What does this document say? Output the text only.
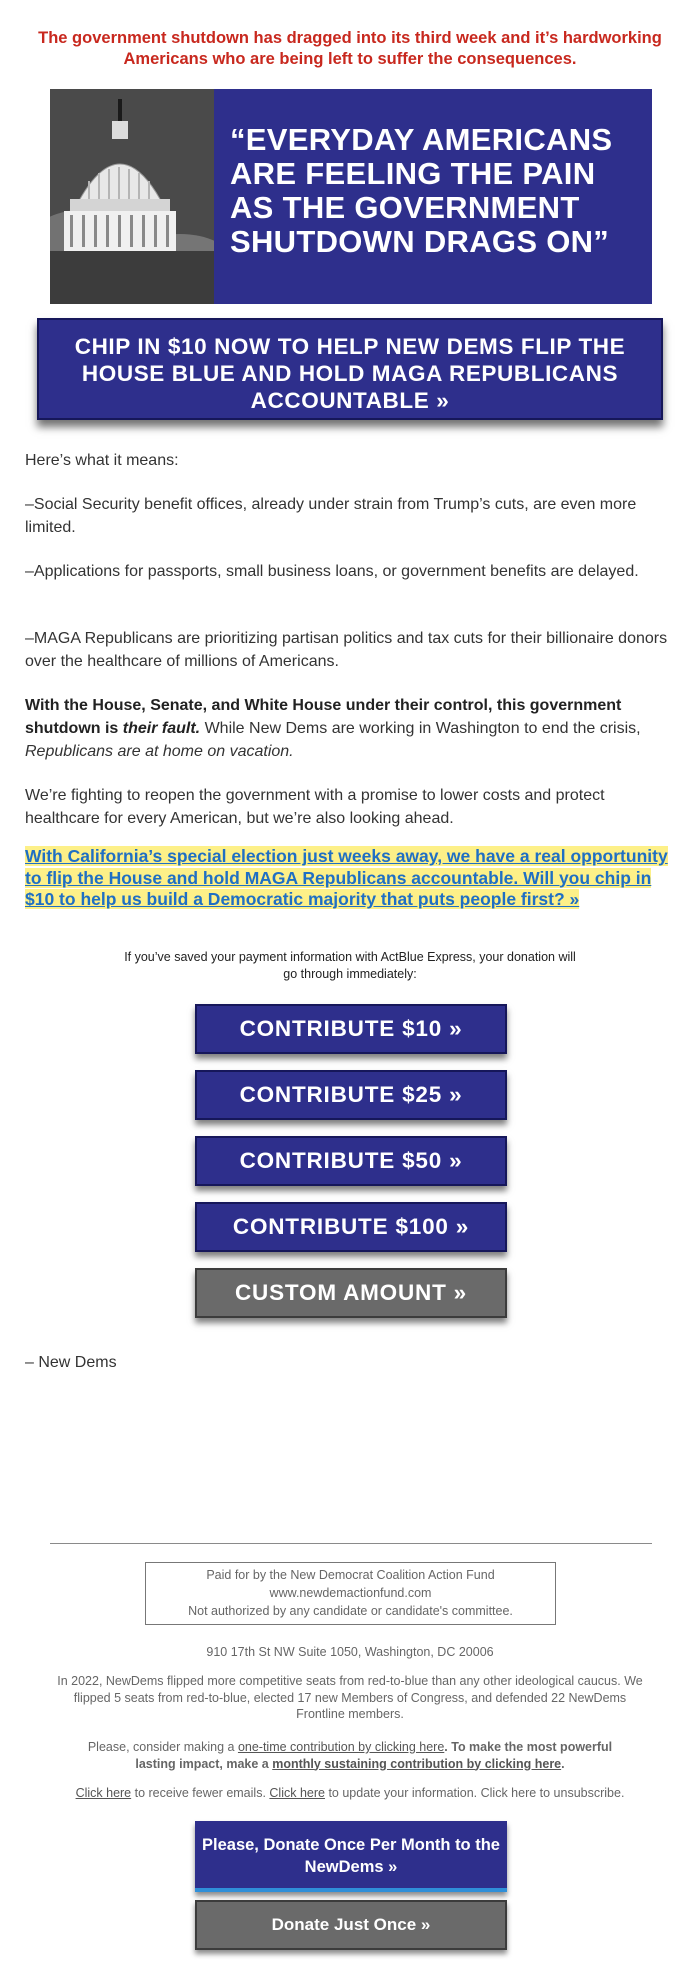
The government shutdown has dragged into its third week and it’s hardworking Americans who are being left to suffer the consequences.
“EVERYDAY AMERICANS ARE FEELING THE PAIN AS THE GOVERNMENT SHUTDOWN DRAGS ON”
CHIP IN $10 NOW TO HELP NEW DEMS FLIP THE HOUSE BLUE AND HOLD MAGA REPUBLICANS ACCOUNTABLE »
Here’s what it means:
–Social Security benefit offices, already under strain from Trump’s cuts, are even more limited.
–Applications for passports, small business loans, or government benefits are delayed.
–MAGA Republicans are prioritizing partisan politics and tax cuts for their billionaire donors over the healthcare of millions of Americans.
With the House, Senate, and White House under their control, this government shutdown is their fault. While New Dems are working in Washington to end the crisis, Republicans are at home on vacation.
We’re fighting to reopen the government with a promise to lower costs and protect healthcare for every American, but we’re also looking ahead.
With California’s special election just weeks away, we have a real opportunity to flip the House and hold MAGA Republicans accountable. Will you chip in $10 to help us build a Democratic majority that puts people first? »
If you’ve saved your payment information with ActBlue Express, your donation will go through immediately:
CONTRIBUTE $10 »
CONTRIBUTE $25 »
CONTRIBUTE $50 »
CONTRIBUTE $100 »
CUSTOM AMOUNT »
– New Dems
Paid for by the New Democrat Coalition Action Fund
www.newdemactionfund.com
Not authorized by any candidate or candidate's committee.
910 17th St NW Suite 1050, Washington, DC 20006
In 2022, NewDems flipped more competitive seats from red-to-blue than any other ideological caucus. We flipped 5 seats from red-to-blue, elected 17 new Members of Congress, and defended 22 NewDems Frontline members.
Please, consider making a one-time contribution by clicking here. To make the most powerful lasting impact, make a monthly sustaining contribution by clicking here.
Click here to receive fewer emails. Click here to update your information. Click here to unsubscribe.
Please, Donate Once Per Month to the NewDems »
Donate Just Once »
